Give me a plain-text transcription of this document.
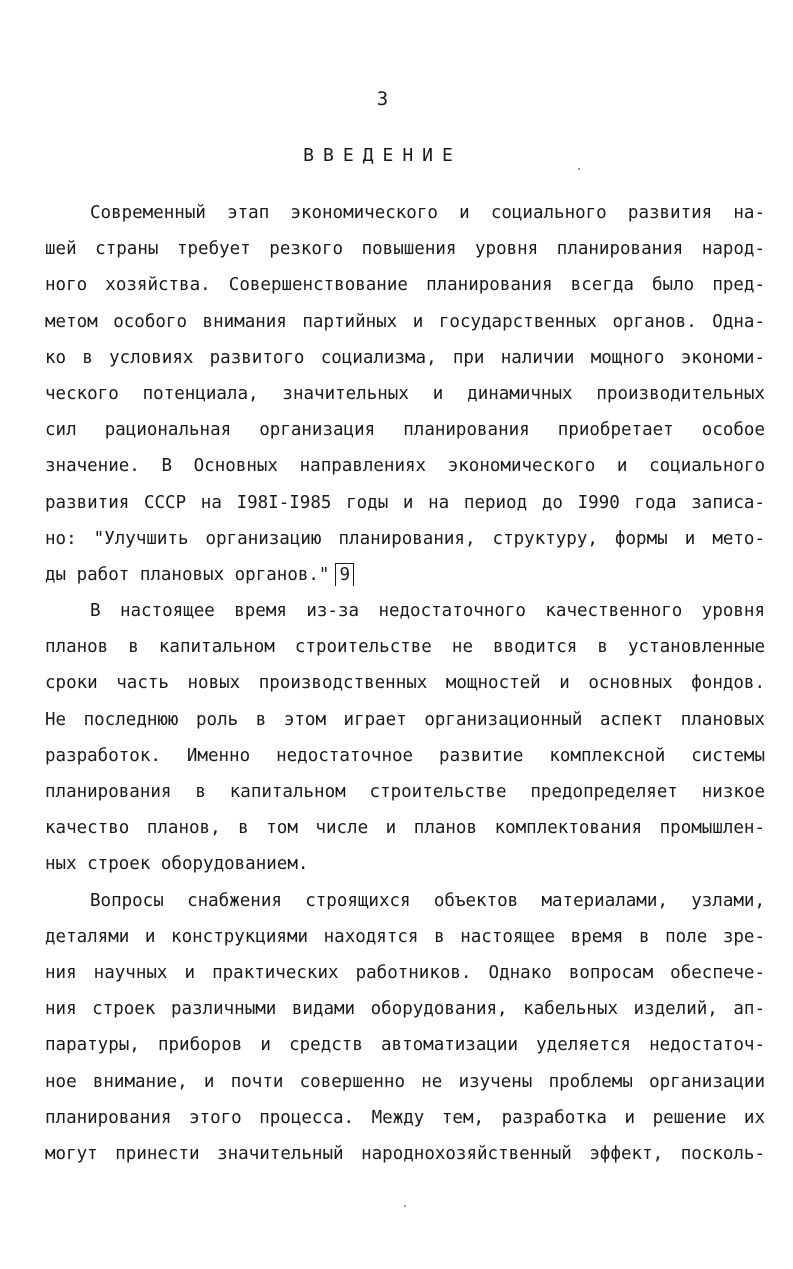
3
ВВЕДЕНИЕ
Современный этап экономического и социального развития на-
шей страны требует резкого повышения уровня планирования народ-
ного хозяйства. Совершенствование планирования всегда было пред-
метом особого внимания партийных и государственных органов. Одна-
ко в условиях развитого социализма, при наличии мощного экономи-
ческого потенциала, значительных и динамичных производительных
сил рациональная организация планирования приобретает особое
значение. В Основных направлениях экономического и социального
развития СССР на I98I-I985 годы и на период до I990 года записа-
но: "Улучшить организацию планирования, структуру, формы и мето-
ды работ плановых органов." 9
В настоящее время из-за недостаточного качественного уровня
планов в капитальном строительстве не вводится в установленные
сроки часть новых производственных мощностей и основных фондов.
Не последнюю роль в этом играет организационный аспект плановых
разработок. Именно недостаточное развитие комплексной системы
планирования в капитальном строительстве предопределяет низкое
качество планов, в том числе и планов комплектования промышлен-
ных строек оборудованием.
Вопросы снабжения строящихся объектов материалами, узлами,
деталями и конструкциями находятся в настоящее время в поле зре-
ния научных и практических работников. Однако вопросам обеспече-
ния строек различными видами оборудования, кабельных изделий, ап-
паратуры, приборов и средств автоматизации уделяется недостаточ-
ное внимание, и почти совершенно не изучены проблемы организации
планирования этого процесса. Между тем, разработка и решение их
могут принести значительный народнохозяйственный эффект, посколь-
